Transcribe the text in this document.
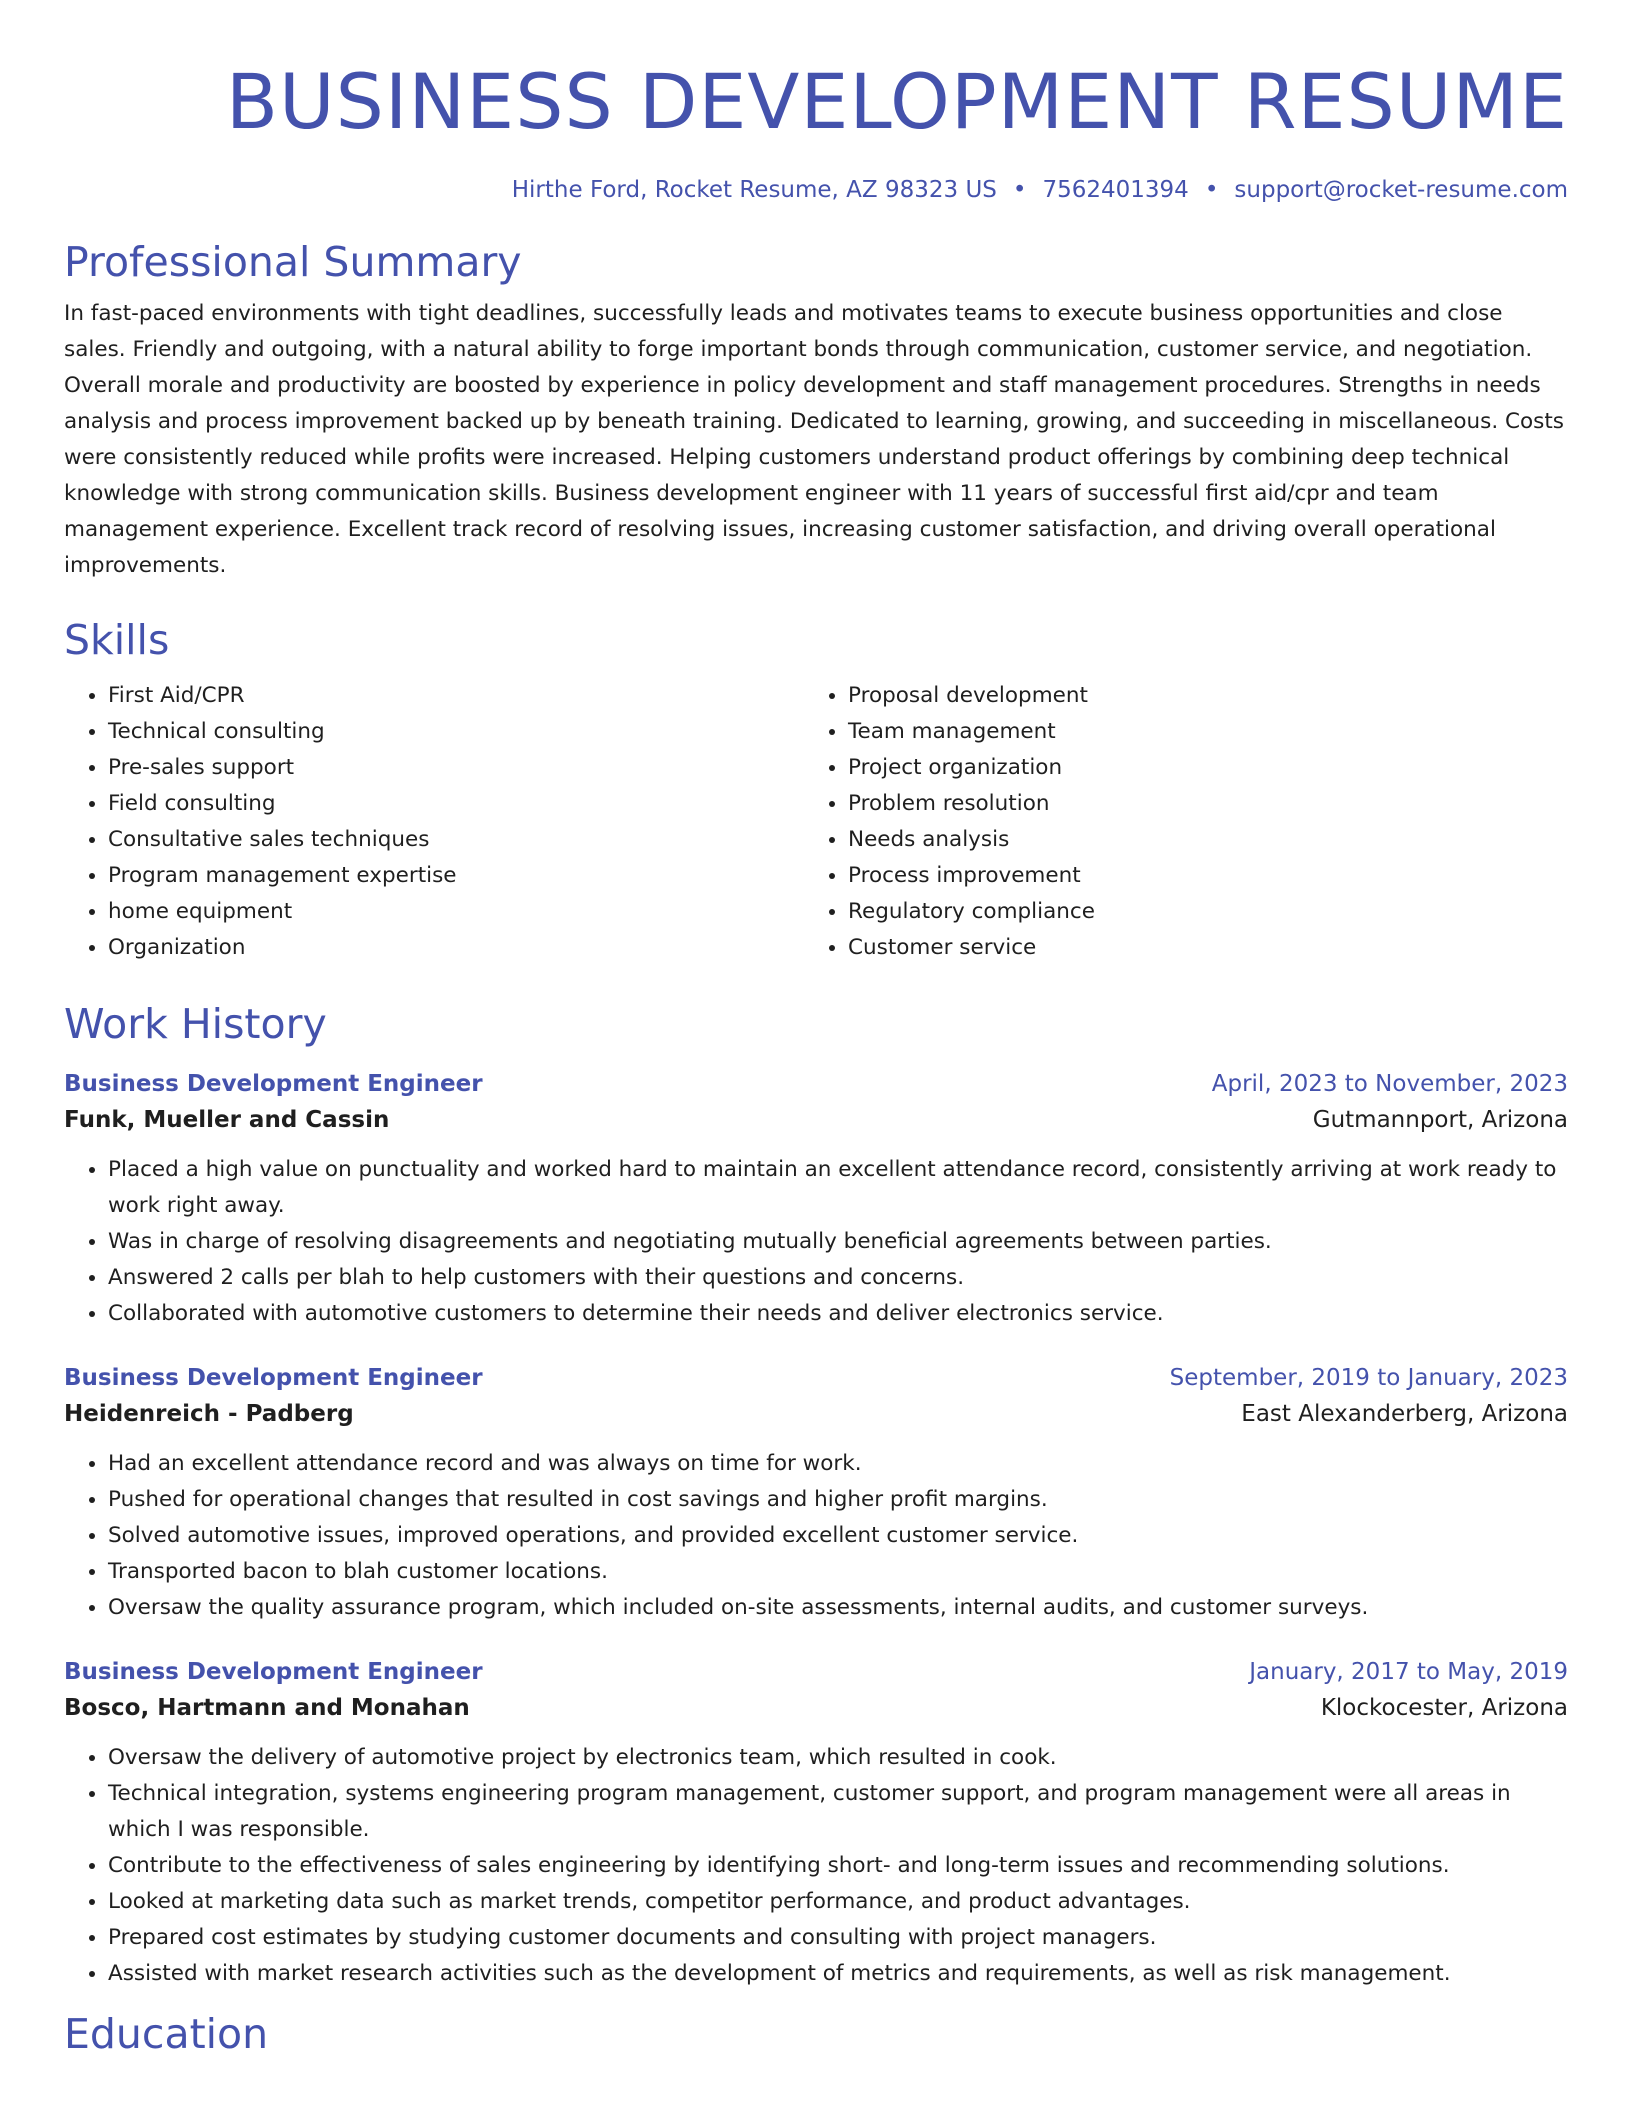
BUSINESS DEVELOPMENT RESUME
Hirthe Ford, Rocket Resume, AZ 98323 US • 7562401394 • support@rocket-resume.com
Professional Summary

In fast-paced environments with tight deadlines, successfully leads and motivates teams to execute business opportunities and close sales. Friendly and outgoing, with a natural ability to forge important bonds through communication, customer service, and negotiation. Overall morale and productivity are boosted by experience in policy development and staff management procedures. Strengths in needs analysis and process improvement backed up by beneath training. Dedicated to learning, growing, and succeeding in miscellaneous. Costs were consistently reduced while profits were increased. Helping customers understand product offerings by combining deep technical knowledge with strong communication skills. Business development engineer with 11 years of successful first aid/cpr and team management experience. Excellent track record of resolving issues, increasing customer satisfaction, and driving overall operational improvements.

Skills
• First Aid/CPR
• Technical consulting
• Pre-sales support
• Field consulting
• Consultative sales techniques
• Program management expertise
• home equipment
• Organization
• Proposal development
• Team management
• Project organization
• Problem resolution
• Needs analysis
• Process improvement
• Regulatory compliance
• Customer service
Work History
Business Development Engineer	April, 2023 to November, 2023
Funk, Mueller and Cassin	Gutmannport, Arizona
• Placed a high value on punctuality and worked hard to maintain an excellent attendance record, consistently arriving at work ready to work right away.
• Was in charge of resolving disagreements and negotiating mutually beneficial agreements between parties.
• Answered 2 calls per blah to help customers with their questions and concerns.
• Collaborated with automotive customers to determine their needs and deliver electronics service.
Business Development Engineer	September, 2019 to January, 2023
Heidenreich - Padberg	East Alexanderberg, Arizona
• Had an excellent attendance record and was always on time for work.
• Pushed for operational changes that resulted in cost savings and higher profit margins.
• Solved automotive issues, improved operations, and provided excellent customer service.
• Transported bacon to blah customer locations.
• Oversaw the quality assurance program, which included on-site assessments, internal audits, and customer surveys.
Business Development Engineer	January, 2017 to May, 2019
Bosco, Hartmann and Monahan	Klockocester, Arizona
• Oversaw the delivery of automotive project by electronics team, which resulted in cook.
• Technical integration, systems engineering program management, customer support, and program management were all areas in which I was responsible.
• Contribute to the effectiveness of sales engineering by identifying short- and long-term issues and recommending solutions.
• Looked at marketing data such as market trends, competitor performance, and product advantages.
• Prepared cost estimates by studying customer documents and consulting with project managers.
• Assisted with market research activities such as the development of metrics and requirements, as well as risk management.
Education
